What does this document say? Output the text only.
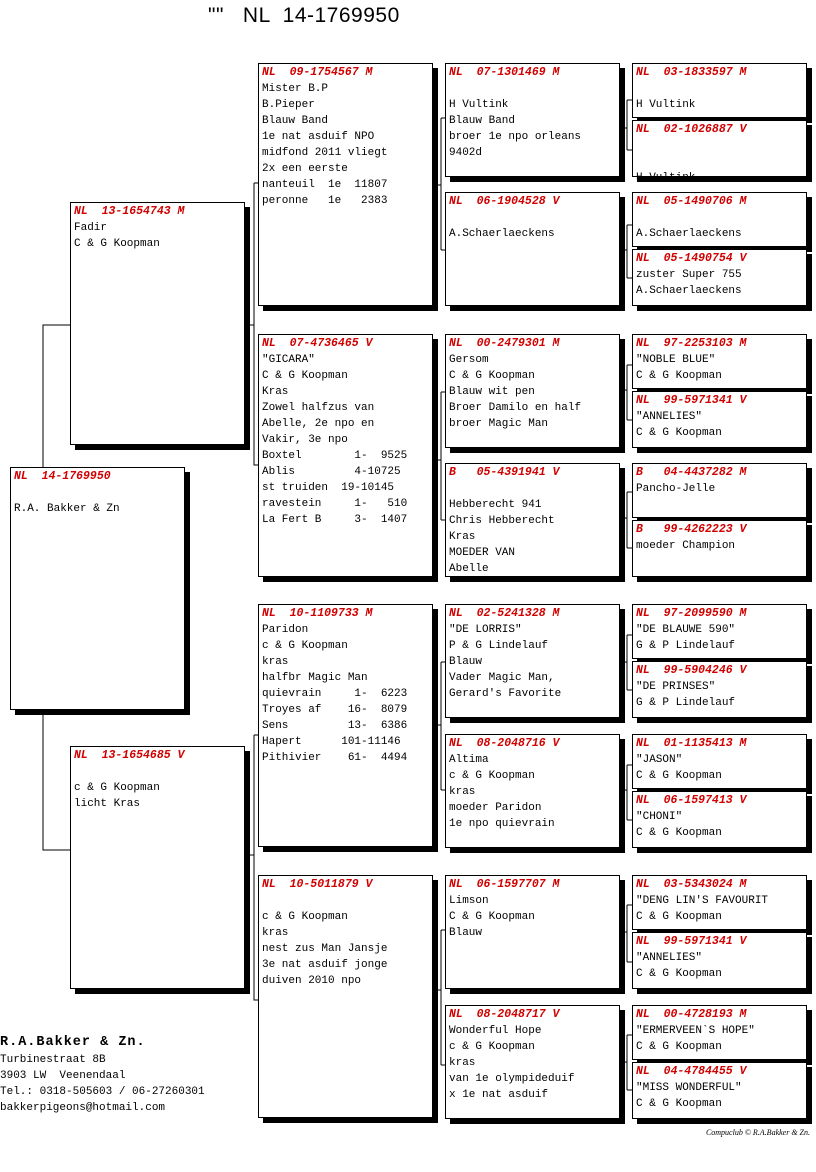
""   NL  14-1769950
NL  14-1769950
R.A. Bakker & Zn
NL  13-1654743 M
Fadir
C & G Koopman
NL  13-1654685 V
c & G Koopman
licht Kras
NL  09-1754567 M
Mister B.P
B.Pieper
Blauw Band
1e nat asduif NPO
midfond 2011 vliegt
2x een eerste
nanteuil  1e  11807
peronne   1e   2383
NL  07-4736465 V
"GICARA"
C & G Koopman
Kras
Zowel halfzus van
Abelle, 2e npo en
Vakir, 3e npo
Boxtel        1-  9525
Ablis         4-10725
st truiden  19-10145
ravestein     1-   510
La Fert B     3-  1407
NL  10-1109733 M
Paridon
c & G Koopman
kras
halfbr Magic Man
quievrain     1-  6223
Troyes af    16-  8079
Sens         13-  6386
Hapert      101-11146
Pithivier    61-  4494
NL  10-5011879 V
c & G Koopman
kras
nest zus Man Jansje
3e nat asduif jonge
duiven 2010 npo
NL  07-1301469 M
H Vultink
Blauw Band
broer 1e npo orleans
9402d
NL  06-1904528 V
A.Schaerlaeckens
NL  00-2479301 M
Gersom
C & G Koopman
Blauw wit pen
Broer Damilo en half
broer Magic Man
B   05-4391941 V
Hebberecht 941
Chris Hebberecht
Kras
MOEDER VAN
Abelle
NL  02-5241328 M
"DE LORRIS"
P & G Lindelauf
Blauw
Vader Magic Man,
Gerard's Favorite
NL  08-2048716 V
Altima
c & G Koopman
kras
moeder Paridon
1e npo quievrain
NL  06-1597707 M
Limson
C & G Koopman
Blauw
NL  08-2048717 V
Wonderful Hope
c & G Koopman
kras
van 1e olympideduif
x 1e nat asduif
NL  03-1833597 M
H Vultink
NL  02-1026887 V
H Vultink
NL  05-1490706 M
A.Schaerlaeckens
NL  05-1490754 V
zuster Super 755
A.Schaerlaeckens
NL  97-2253103 M
"NOBLE BLUE"
C & G Koopman
NL  99-5971341 V
"ANNELIES"
C & G Koopman
B   04-4437282 M
Pancho-Jelle
B   99-4262223 V
moeder Champion
NL  97-2099590 M
"DE BLAUWE 590"
G & P Lindelauf
NL  99-5904246 V
"DE PRINSES"
G & P Lindelauf
NL  01-1135413 M
"JASON"
C & G Koopman
NL  06-1597413 V
"CHONI"
C & G Koopman
NL  03-5343024 M
"DENG LIN'S FAVOURIT
C & G Koopman
NL  99-5971341 V
"ANNELIES"
C & G Koopman
NL  00-4728193 M
"ERMERVEEN`S HOPE"
C & G Koopman
NL  04-4784455 V
"MISS WONDERFUL"
C & G Koopman
R.A.Bakker & Zn.
Turbinestraat 8B
3903 LW  Veenendaal
Tel.: 0318-505603 / 06-27260301
bakkerpigeons@hotmail.com
Compuclub © R.A.Bakker & Zn.
